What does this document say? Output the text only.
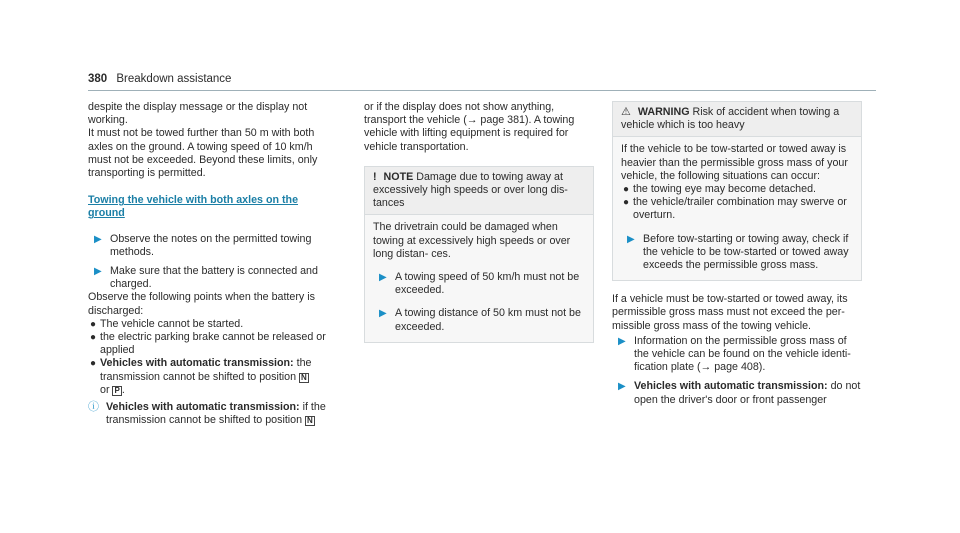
380 Breakdown assistance

despite the display message or the display not working.

It must not be towed further than 50 m with both axles on the ground. A towing speed of 10 km/h must not be exceeded. Beyond these limits, only transporting is permitted.

Towing the vehicle with both axles on the ground

▶ Observe the notes on the permitted towing methods.
▶ Make sure that the battery is connected and charged.

Observe the following points when the battery is discharged:

● The vehicle cannot be started.
● the electric parking brake cannot be released or applied
● Vehicles with automatic transmission: the transmission cannot be shifted to position N
or P .
ⓘ Vehicles with automatic transmission: if the transmission cannot be shifted to position N

or if the display does not show anything, transport the vehicle (→ page 381). A towing vehicle with lifting equipment is required for vehicle transportation.

! NOTE Damage due to towing away at excessively high speeds or over long dis- tances

The drivetrain could be damaged when towing at excessively high speeds or over long distan- ces.

▶ A towing speed of 50 km/h must not be exceeded.
▶ A towing distance of 50 km must not be exceeded.
⚠ WARNING Risk of accident when towing a vehicle which is too heavy

If the vehicle to be tow-started or towed away is heavier than the permissible gross mass of your vehicle, the following situations can occur:

● the towing eye may become detached.
● the vehicle/trailer combination may swerve or overturn.
▶ Before tow-starting or towing away, check if the vehicle to be tow-started or towed away exceeds the permissible gross mass.

If a vehicle must be tow-started or towed away, its permissible gross mass must not exceed the per- missible gross mass of the towing vehicle.

▶ Information on the permissible gross mass of the vehicle can be found on the vehicle identi- fication plate (→ page 408).
▶ Vehicles with automatic transmission: do not open the driver's door or front passenger
